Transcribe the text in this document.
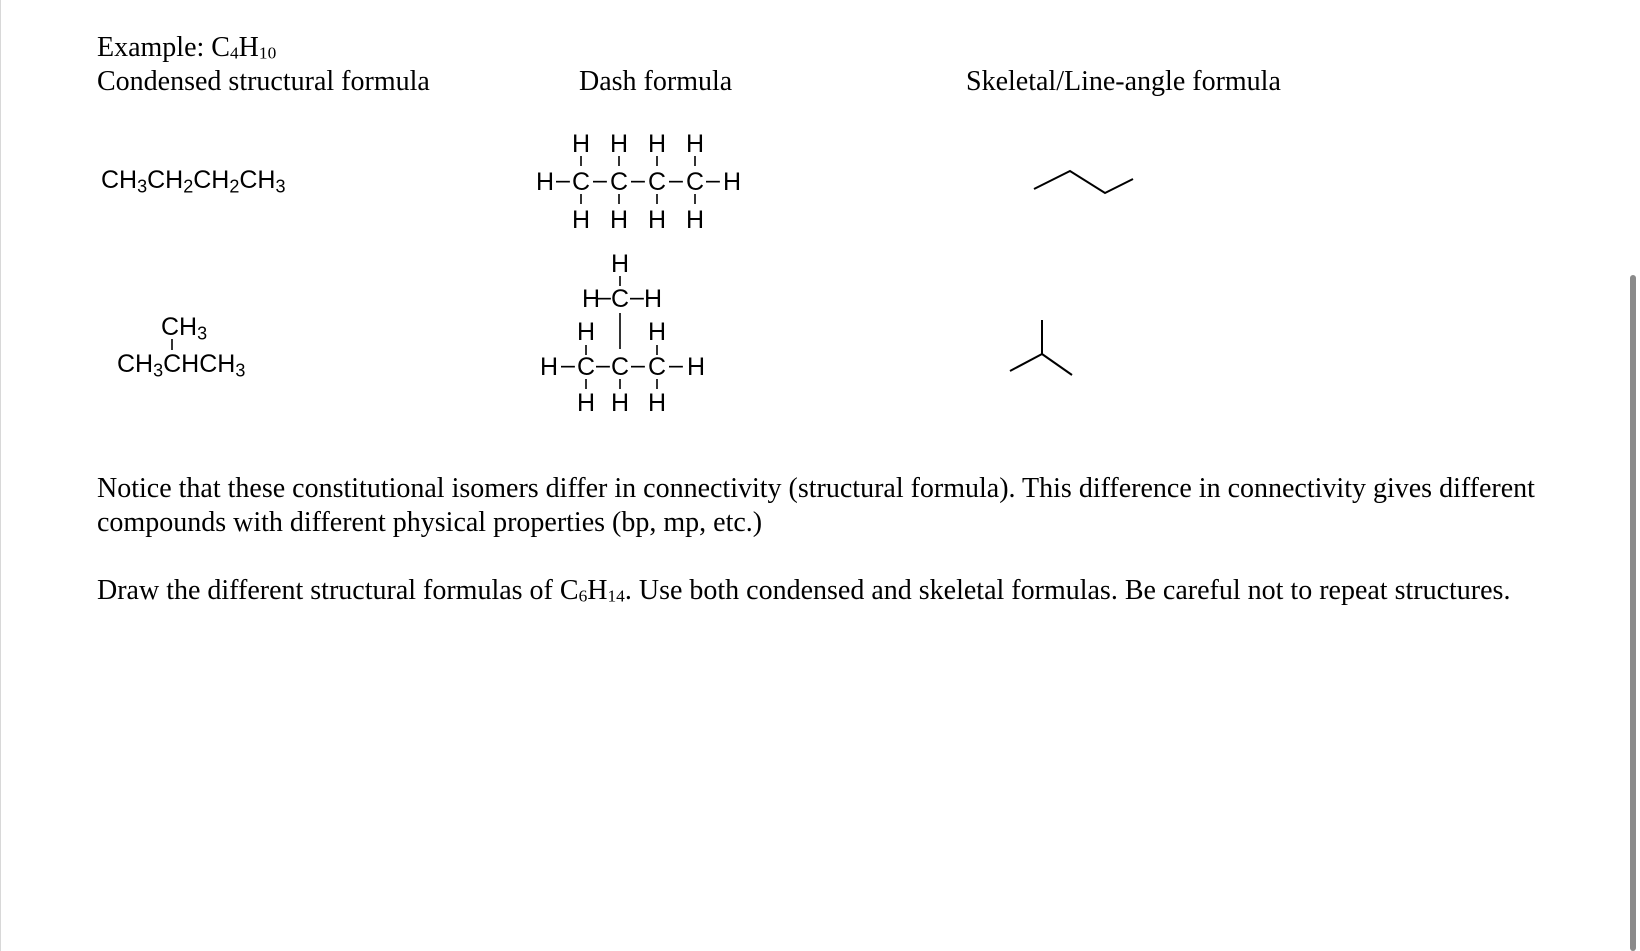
Example: $C_4H_{10}$
Condensed structural formula	Dash formula	Skeletal/Line-angle formula
$CH_3CH_2CH_2CH_3$
H H H H
H – C – C – C – C – H
H H H H
$CH_3$
$CH_3CHCH_3$
H
H
– C – H
H H
H – C – C – C – H
H H H
Notice that these constitutional isomers differ in connectivity (structural formula). This difference in connectivity gives different compounds with different physical properties (bp, mp, etc.)
Draw the different structural formulas of $C_6H_{14}$. Use both condensed and skeletal formulas. Be careful not to repeat structures.
